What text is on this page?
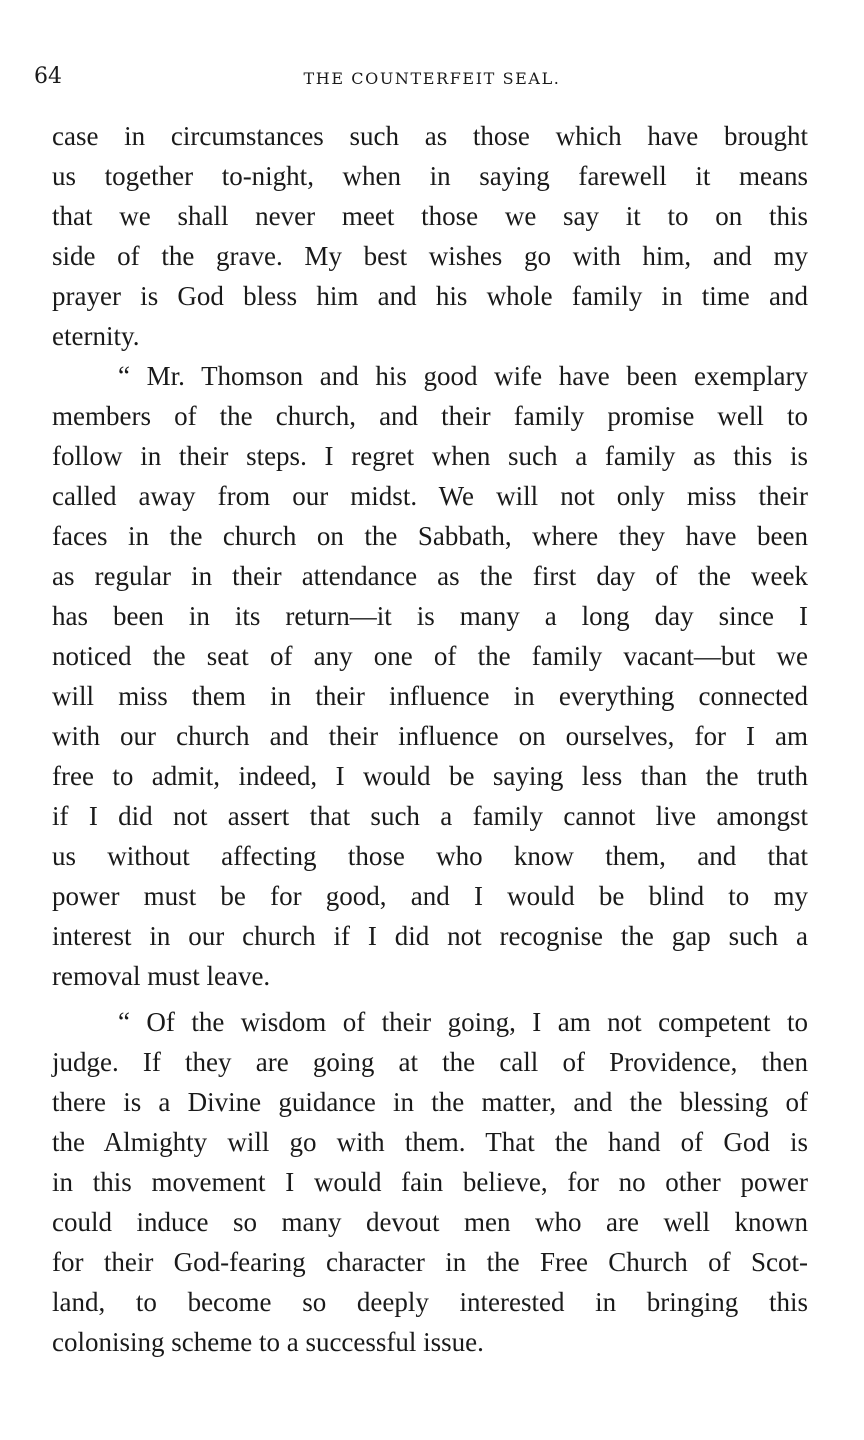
64	THE COUNTERFEIT SEAL.
case in circumstances such as those which have brought
us together to-night, when in saying farewell it means
that we shall never meet those we say it to on this
side of the grave. My best wishes go with him, and my
prayer is God bless him and his whole family in time and
eternity.
“ Mr. Thomson and his good wife have been exemplary
members of the church, and their family promise well to
follow in their steps. I regret when such a family as this is
called away from our midst. We will not only miss their
faces in the church on the Sabbath, where they have been
as regular in their attendance as the first day of the week
has been in its return—it is many a long day since I
noticed the seat of any one of the family vacant—but we
will miss them in their influence in everything connected
with our church and their influence on ourselves, for I am
free to admit, indeed, I would be saying less than the truth
if I did not assert that such a family cannot live amongst
us without affecting those who know them, and that
power must be for good, and I would be blind to my
interest in our church if I did not recognise the gap such a
removal must leave.
“ Of the wisdom of their going, I am not competent to
judge. If they are going at the call of Providence, then
there is a Divine guidance in the matter, and the blessing of
the Almighty will go with them. That the hand of God is
in this movement I would fain believe, for no other power
could induce so many devout men who are well known
for their God-fearing character in the Free Church of Scot-
land, to become so deeply interested in bringing this
colonising scheme to a successful issue.
